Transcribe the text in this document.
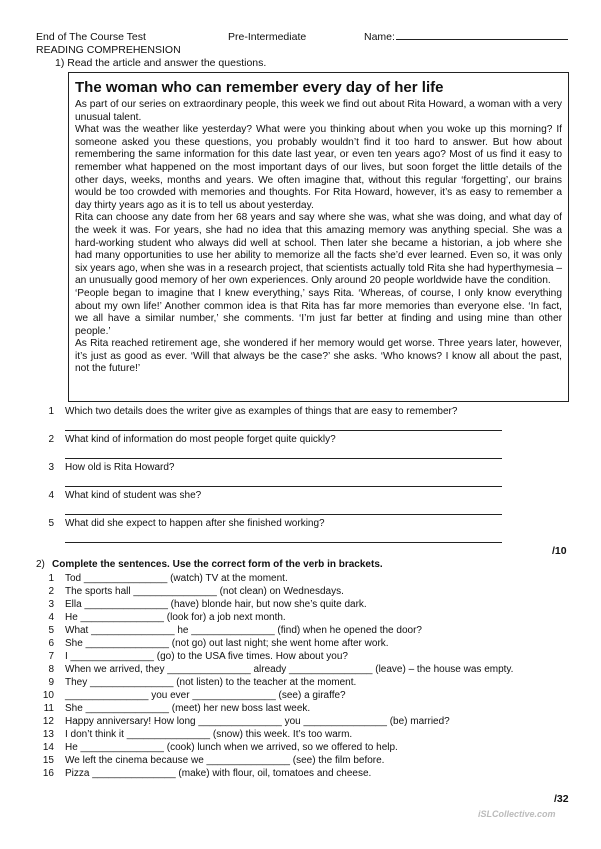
End of The Course Test	Pre-Intermediate	Name:
READING COMPREHENSION
1) Read the article and answer the questions.

The woman who can remember every day of her life

As part of our series on extraordinary people, this week we find out about Rita Howard, a woman with a very unusual talent.

What was the weather like yesterday? What were you thinking about when you woke up this morning? If someone asked you these questions, you probably wouldn’t find it too hard to answer. But how about remembering the same information for this date last year, or even ten years ago? Most of us find it easy to remember what happened on the most important days of our lives, but soon forget the little details of the other days, weeks, months and years. We often imagine that, without this regular ‘forgetting’, our brains would be too crowded with memories and thoughts. For Rita Howard, however, it’s as easy to remember a day thirty years ago as it is to tell us about yesterday.

Rita can choose any date from her 68 years and say where she was, what she was doing, and what day of the week it was. For years, she had no idea that this amazing memory was anything special. She was a hard-working student who always did well at school. Then later she became a historian, a job where she had many opportunities to use her ability to memorize all the facts she’d ever learned. Even so, it was only six years ago, when she was in a research project, that scientists actually told Rita she had hyperthymesia – an unusually good memory of her own experiences. Only around 20 people worldwide have the condition.

‘People began to imagine that I knew everything,’ says Rita. ‘Whereas, of course, I only know everything about my own life!’ Another common idea is that Rita has far more memories than everyone else. ‘In fact, we all have a similar number,’ she comments. ‘I’m just far better at finding and using mine than other people.’

As Rita reached retirement age, she wondered if her memory would get worse. Three years later, however, it’s just as good as ever. ‘Will that always be the case?’ she asks. ‘Who knows? I know all about the past, not the future!’

1 Which two details does the writer give as examples of things that are easy to remember?
2 What kind of information do most people forget quite quickly?
3 How old is Rita Howard?
4 What kind of student was she?
5 What did she expect to happen after she finished working?
/10
2) Complete the sentences. Use the correct form of the verb in brackets.
1 Tod _______________ (watch) TV at the moment.
2 The sports hall _______________ (not clean) on Wednesdays.
3 Ella _______________ (have) blonde hair, but now she’s quite dark.
4 He _______________ (look for) a job next month.
5 What _______________ he _______________ (find) when he opened the door?
6 She _______________ (not go) out last night; she went home after work.
7 I _______________ (go) to the USA five times. How about you?
8 When we arrived, they _______________ already _______________ (leave) – the house was empty.
9 They _______________ (not listen) to the teacher at the moment.
10 _______________ you ever _______________ (see) a giraffe?
11 She _______________ (meet) her new boss last week.
12 Happy anniversary! How long _______________ you _______________ (be) married?
13 I don’t think it _______________ (snow) this week. It’s too warm.
14 He _______________ (cook) lunch when we arrived, so we offered to help.
15 We left the cinema because we _______________ (see) the film before.
16 Pizza _______________ (make) with flour, oil, tomatoes and cheese.
/32
iSLCollective.com
